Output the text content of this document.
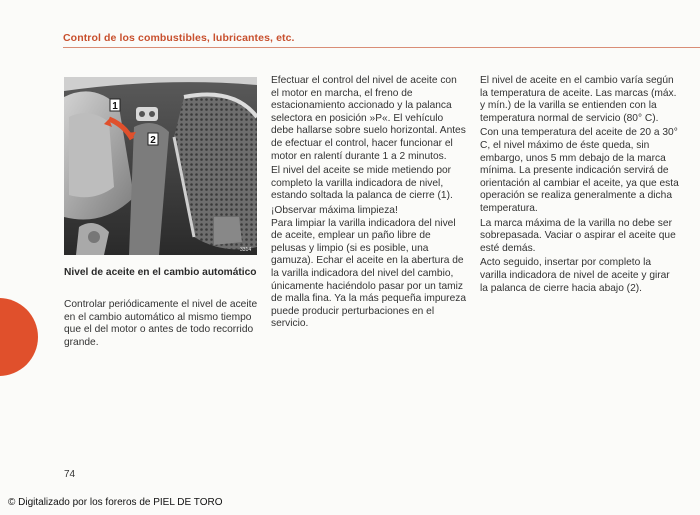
Control de los combustibles, lubricantes, etc.
1
2
3314
Nivel de aceite en el cambio automático

Controlar periódicamente el nivel de aceite en el cambio automático al mismo tiempo que el del motor o antes de todo recorrido grande.

Efectuar el control del nivel de aceite con el motor en marcha, el freno de estacionamiento accionado y la palanca selectora en posición »P«. El vehículo debe hallarse sobre suelo horizontal. Antes de efectuar el control, hacer funcionar el motor en ralentí durante 1 a 2 minutos.

El nivel del aceite se mide metiendo por completo la varilla indicadora de nivel, estando soltada la palanca de cierre (1).

¡Observar máxima limpieza!

Para limpiar la varilla indicadora del nivel de aceite, emplear un paño libre de pelusas y limpio (si es posible, una gamuza). Echar el aceite en la abertura de la varilla indicadora del nivel del cambio, únicamente haciéndolo pasar por un tamiz de malla fina. Ya la más pequeña impureza puede producir perturbaciones en el servicio.

El nivel de aceite en el cambio varía según la temperatura de aceite. Las marcas (máx. y mín.) de la varilla se entienden con la temperatura normal de servicio (80° C).

Con una temperatura del aceite de 20 a 30° C, el nivel máximo de éste queda, sin embargo, unos 5 mm debajo de la marca mínima. La presente indicación servirá de orientación al cambiar el aceite, ya que esta operación se realiza generalmente a dicha temperatura.

La marca máxima de la varilla no debe ser sobrepasada. Vaciar o aspirar el aceite que esté demás.

Acto seguido, insertar por completo la varilla indicadora de nivel de aceite y girar la palanca de cierre hacia abajo (2).

74
© Digitalizado por los foreros de PIEL DE TORO
